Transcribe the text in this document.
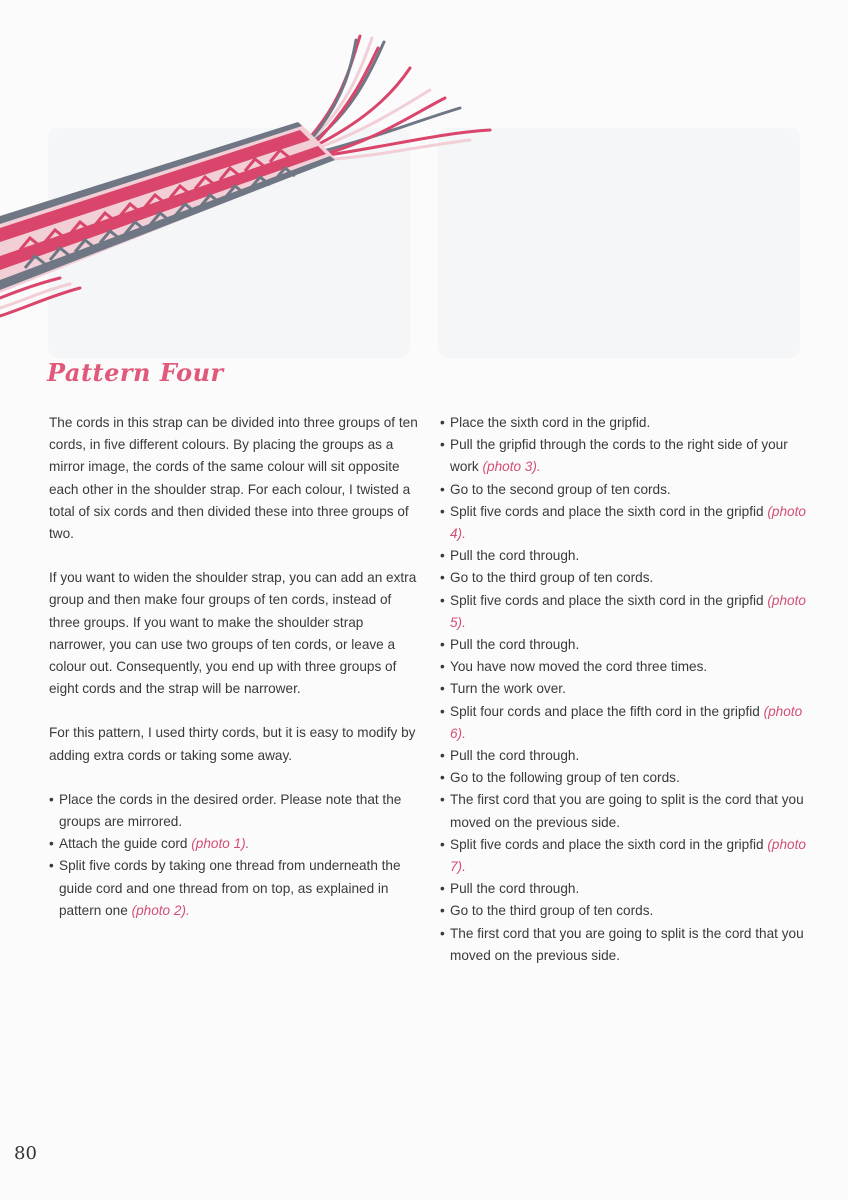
Pattern Four

The cords in this strap can be divided into three groups of ten cords, in five different colours. By placing the groups as a mirror image, the cords of the same colour will sit opposite each other in the shoulder strap. For each colour, I twisted a total of six cords and then divided these into three groups of two.

If you want to widen the shoulder strap, you can add an extra group and then make four groups of ten cords, instead of three groups. If you want to make the shoulder strap narrower, you can use two groups of ten cords, or leave a colour out. Consequently, you end up with three groups of eight cords and the strap will be narrower.

For this pattern, I used thirty cords, but it is easy to modify by adding extra cords or taking some away.

• Place the cords in the desired order. Please note that the groups are mirrored.
• Attach the guide cord (photo 1).
• Split five cords by taking one thread from underneath the guide cord and one thread from on top, as explained in pattern one (photo 2).
• Place the sixth cord in the gripfid.
• Pull the gripfid through the cords to the right side of your work (photo 3).
• Go to the second group of ten cords.
• Split five cords and place the sixth cord in the gripfid (photo 4).
• Pull the cord through.
• Go to the third group of ten cords.
• Split five cords and place the sixth cord in the gripfid (photo 5).
• Pull the cord through.
• You have now moved the cord three times.
• Turn the work over.
• Split four cords and place the fifth cord in the gripfid (photo 6).
• Pull the cord through.
• Go to the following group of ten cords.
• The first cord that you are going to split is the cord that you moved on the previous side.
• Split five cords and place the sixth cord in the gripfid (photo 7).
• Pull the cord through.
• Go to the third group of ten cords.
• The first cord that you are going to split is the cord that you moved on the previous side.
80
